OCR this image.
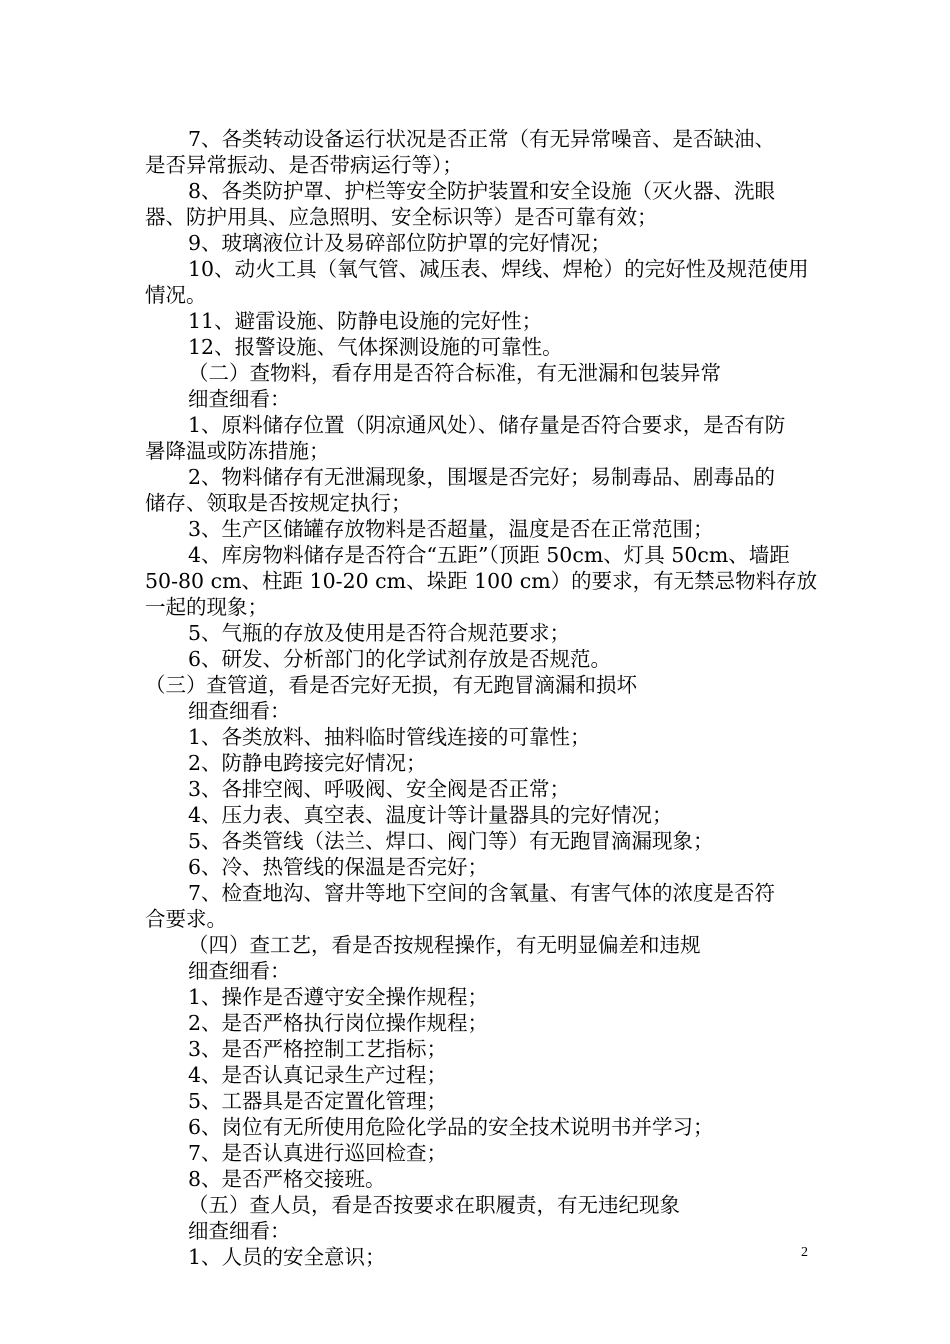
7、各类转动设备运行状况是否正常（有无异常噪音、是否缺油、
是否异常振动、是否带病运行等）；
8、各类防护罩、护栏等安全防护装置和安全设施（灭火器、洗眼
器、防护用具、应急照明、安全标识等）是否可靠有效；
9、玻璃液位计及易碎部位防护罩的完好情况；
10、动火工具（氧气管、减压表、焊线、焊枪）的完好性及规范使用
情况。
11、避雷设施、防静电设施的完好性；
12、报警设施、气体探测设施的可靠性。
（二）查物料，看存用是否符合标准，有无泄漏和包装异常
细查细看：
1、原料储存位置（阴凉通风处）、储存量是否符合要求，是否有防
暑降温或防冻措施；
2、物料储存有无泄漏现象，围堰是否完好；易制毒品、剧毒品的
储存、领取是否按规定执行；
3、生产区储罐存放物料是否超量，温度是否在正常范围；
4、库房物料储存是否符合“五距”（顶距 50cm、灯具 50cm、墙距
50-80 cm、柱距 10-20 cm、垛距 100 cm）的要求，有无禁忌物料存放
一起的现象；
5、气瓶的存放及使用是否符合规范要求；
6、研发、分析部门的化学试剂存放是否规范。
（三）查管道，看是否完好无损，有无跑冒滴漏和损坏
细查细看：
1、各类放料、抽料临时管线连接的可靠性；
2、防静电跨接完好情况；
3、各排空阀、呼吸阀、安全阀是否正常；
4、压力表、真空表、温度计等计量器具的完好情况；
5、各类管线（法兰、焊口、阀门等）有无跑冒滴漏现象；
6、冷、热管线的保温是否完好；
7、检查地沟、窨井等地下空间的含氧量、有害气体的浓度是否符
合要求。
（四）查工艺，看是否按规程操作，有无明显偏差和违规
细查细看：
1、操作是否遵守安全操作规程；
2、是否严格执行岗位操作规程；
3、是否严格控制工艺指标；
4、是否认真记录生产过程；
5、工器具是否定置化管理；
6、岗位有无所使用危险化学品的安全技术说明书并学习；
7、是否认真进行巡回检查；
8、是否严格交接班。
（五）查人员，看是否按要求在职履责，有无违纪现象
细查细看：
1、人员的安全意识；	2
